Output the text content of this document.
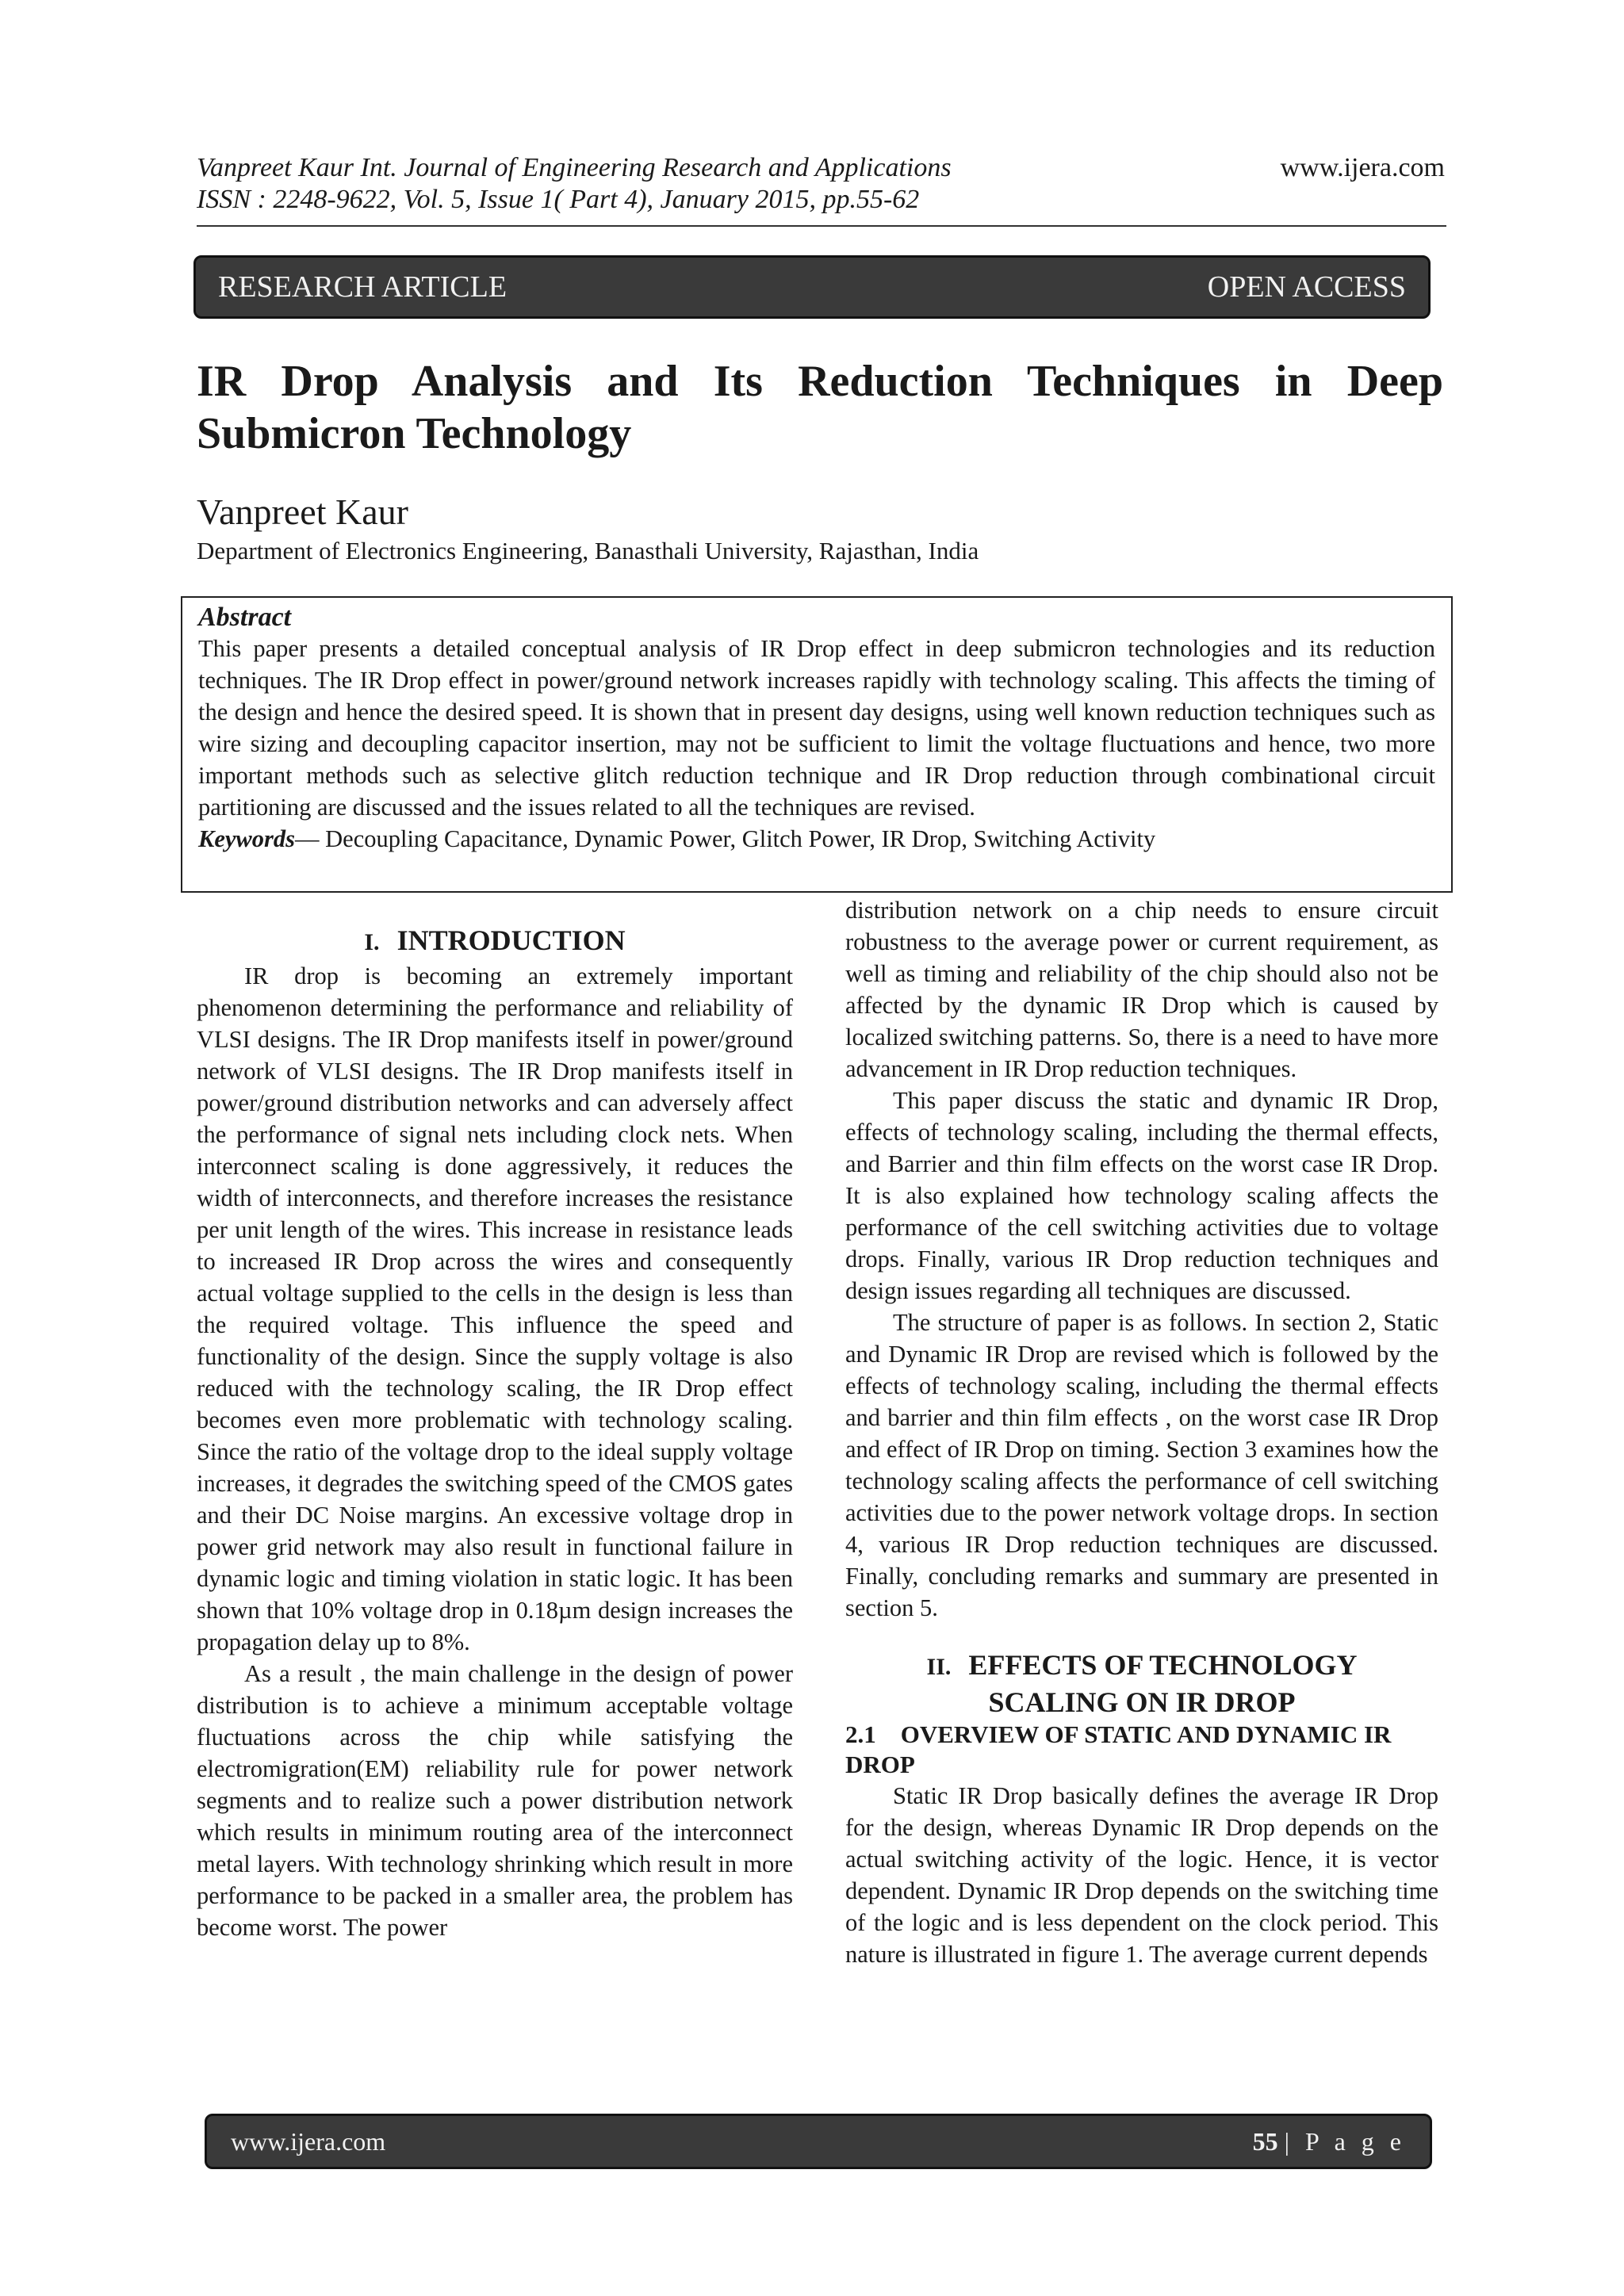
Vanpreet Kaur Int. Journal of Engineering Research and Applications	www.ijera.com
ISSN : 2248-9622, Vol. 5, Issue 1( Part 4), January 2015, pp.55-62
RESEARCH ARTICLE	OPEN ACCESS
IR Drop Analysis and Its Reduction Techniques in Deep Submicron Technology
Vanpreet Kaur
Department of Electronics Engineering, Banasthali University, Rajasthan, India
Abstract
This paper presents a detailed conceptual analysis of IR Drop effect in deep submicron technologies and its reduction techniques. The IR Drop effect in power/ground network increases rapidly with technology scaling. This affects the timing of the design and hence the desired speed. It is shown that in present day designs, using well known reduction techniques such as wire sizing and decoupling capacitor insertion, may not be sufficient to limit the voltage fluctuations and hence, two more important methods such as selective glitch reduction technique and IR Drop reduction through combinational circuit partitioning are discussed and the issues related to all the techniques are revised.
Keywords— Decoupling Capacitance, Dynamic Power, Glitch Power, IR Drop, Switching Activity
I. INTRODUCTION

IR drop is becoming an extremely important phenomenon determining the performance and reliability of VLSI designs. The IR Drop manifests itself in power/ground network of VLSI designs. The IR Drop manifests itself in power/ground distribution networks and can adversely affect the performance of signal nets including clock nets. When interconnect scaling is done aggressively, it reduces the width of interconnects, and therefore increases the resistance per unit length of the wires. This increase in resistance leads to increased IR Drop across the wires and consequently actual voltage supplied to the cells in the design is less than the required voltage. This influence the speed and functionality of the design. Since the supply voltage is also reduced with the technology scaling, the IR Drop effect becomes even more problematic with technology scaling. Since the ratio of the voltage drop to the ideal supply voltage increases, it degrades the switching speed of the CMOS gates and their DC Noise margins. An excessive voltage drop in power grid network may also result in functional failure in dynamic logic and timing violation in static logic. It has been shown that 10% voltage drop in 0.18µm design increases the propagation delay up to 8%.

As a result , the main challenge in the design of power distribution is to achieve a minimum acceptable voltage fluctuations across the chip while satisfying the electromigration(EM) reliability rule for power network segments and to realize such a power distribution network which results in minimum routing area of the interconnect metal layers. With technology shrinking which result in more performance to be packed in a smaller area, the problem has become worst. The power

distribution network on a chip needs to ensure circuit robustness to the average power or current requirement, as well as timing and reliability of the chip should also not be affected by the dynamic IR Drop which is caused by localized switching patterns. So, there is a need to have more advancement in IR Drop reduction techniques.

This paper discuss the static and dynamic IR Drop, effects of technology scaling, including the thermal effects, and Barrier and thin film effects on the worst case IR Drop. It is also explained how technology scaling affects the performance of the cell switching activities due to voltage drops. Finally, various IR Drop reduction techniques and design issues regarding all techniques are discussed.

The structure of paper is as follows. In section 2, Static and Dynamic IR Drop are revised which is followed by the effects of technology scaling, including the thermal effects and barrier and thin film effects , on the worst case IR Drop and effect of IR Drop on timing. Section 3 examines how the technology scaling affects the performance of cell switching activities due to the power network voltage drops. In section 4, various IR Drop reduction techniques are discussed. Finally, concluding remarks and summary are presented in section 5.

II. EFFECTS OF TECHNOLOGY
SCALING ON IR DROP
2.1 OVERVIEW OF STATIC AND DYNAMIC IR DROP

Static IR Drop basically defines the average IR Drop for the design, whereas Dynamic IR Drop depends on the actual switching activity of the logic. Hence, it is vector dependent. Dynamic IR Drop depends on the switching time of the logic and is less dependent on the clock period. This nature is illustrated in figure 1. The average current depends

www.ijera.com	55 | P a g e
